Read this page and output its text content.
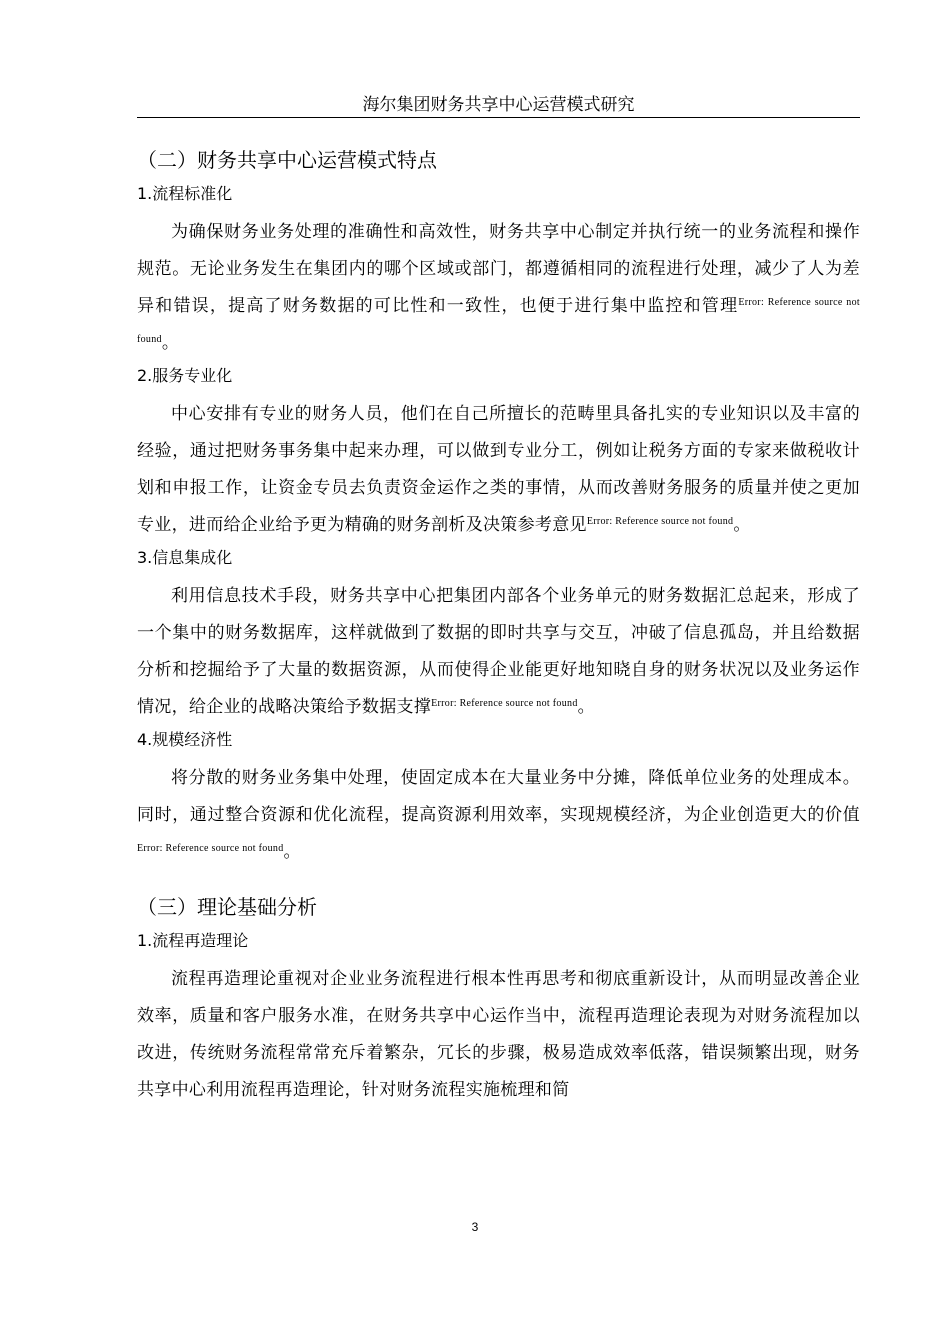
海尔集团财务共享中心运营模式研究
（二）财务共享中心运营模式特点
1.流程标准化

为确保财务业务处理的准确性和高效性，财务共享中心制定并执行统一的业务流程和操作规范。无论业务发生在集团内的哪个区域或部门，都遵循相同的流程进行处理，减少了人为差异和错误，提高了财务数据的可比性和一致性，也便于进行集中监控和管理$^{Error: Reference source not found}$。

2.服务专业化

中心安排有专业的财务人员，他们在自己所擅长的范畴里具备扎实的专业知识以及丰富的经验，通过把财务事务集中起来办理，可以做到专业分工，例如让税务方面的专家来做税收计划和申报工作，让资金专员去负责资金运作之类的事情，从而改善财务服务的质量并使之更加专业，进而给企业给予更为精确的财务剖析及决策参考意见$^{Error: Reference source not found}$。

3.信息集成化

利用信息技术手段，财务共享中心把集团内部各个业务单元的财务数据汇总起来，形成了一个集中的财务数据库，这样就做到了数据的即时共享与交互，冲破了信息孤岛，并且给数据分析和挖掘给予了大量的数据资源，从而使得企业能更好地知晓自身的财务状况以及业务运作情况，给企业的战略决策给予数据支撑$^{Error: Reference source not found}$。

4.规模经济性

将分散的财务业务集中处理，使固定成本在大量业务中分摊，降低单位业务的处理成本。同时，通过整合资源和优化流程，提高资源利用效率，实现规模经济，为企业创造更大的价值$^{Error: Reference source not found}$。

（三）理论基础分析
1.流程再造理论

流程再造理论重视对企业业务流程进行根本性再思考和彻底重新设计，从而明显改善企业效率，质量和客户服务水准，在财务共享中心运作当中，流程再造理论表现为对财务流程加以改进，传统财务流程常常充斥着繁杂，冗长的步骤，极易造成效率低落，错误频繁出现，财务共享中心利用流程再造理论，针对财务流程实施梳理和简

3
